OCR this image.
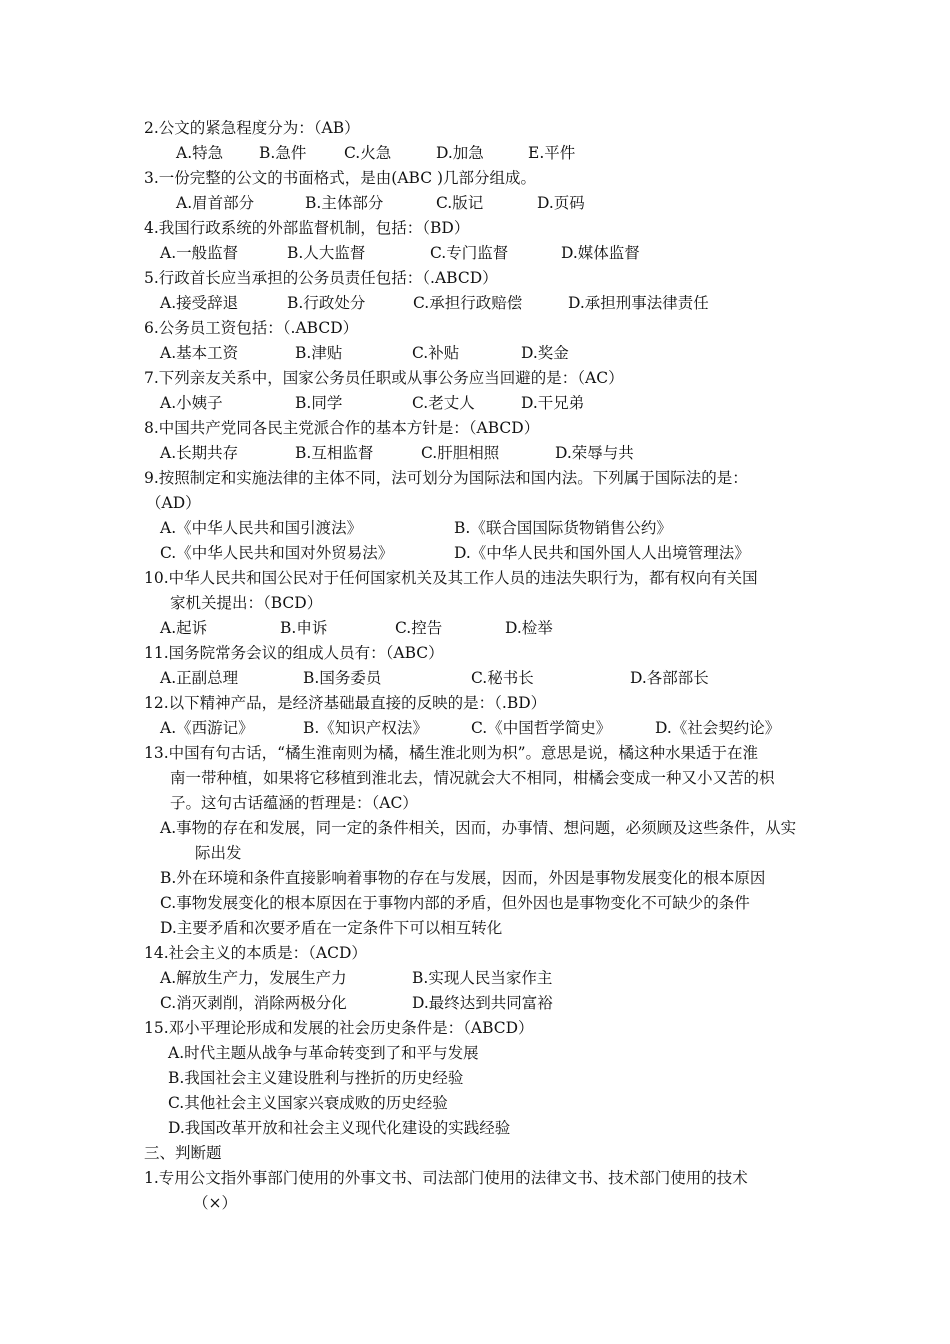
2.公文的紧急程度分为：（AB）
A.特急 B.急件 C.火急	D.加急	E.平件
3.一份完整的公文的书面格式，是由(ABC )几部分组成。
A.眉首部分	B.主体部分	C.版记	D.页码
4.我国行政系统的外部监督机制，包括：（BD）
A.一般监督	B.人大监督	C.专门监督	D.媒体监督
5.行政首长应当承担的公务员责任包括：（.ABCD）
A.接受辞退	B.行政处分	C.承担行政赔偿	D.承担刑事法律责任
6.公务员工资包括：（.ABCD）
A.基本工资	B.津贴	C.补贴	D.奖金
7.下列亲友关系中，国家公务员任职或从事公务应当回避的是：（AC）
A.小姨子	B.同学	C.老丈人	D.干兄弟
8.中国共产党同各民主党派合作的基本方针是：（ABCD）
A.长期共存	B.互相监督	C.肝胆相照	D.荣辱与共
9.按照制定和实施法律的主体不同，法可划分为国际法和国内法。下列属于国际法的是：
（AD）
A.《中华人民共和国引渡法》	B.《联合国国际货物销售公约》
C.《中华人民共和国对外贸易法》	D.《中华人民共和国外国人人出境管理法》
10.中华人民共和国公民对于任何国家机关及其工作人员的违法失职行为，都有权向有关国
家机关提出：（BCD）
A.起诉	B.申诉	C.控告	D.检举
11.国务院常务会议的组成人员有：（ABC）
A.正副总理	B.国务委员	C.秘书长	D.各部部长
12.以下精神产品，是经济基础最直接的反映的是：（.BD）
A.《西游记》	B.《知识产权法》	C.《中国哲学简史》	D.《社会契约论》
13.中国有句古话，“橘生淮南则为橘，橘生淮北则为枳”。意思是说，橘这种水果适于在淮
南一带种植，如果将它移植到淮北去，情况就会大不相同，柑橘会变成一种又小又苦的枳
子。这句古话蕴涵的哲理是：（AC）
A.事物的存在和发展，同一定的条件相关，因而，办事情、想问题，必须顾及这些条件，从实
际出发
B.外在环境和条件直接影响着事物的存在与发展，因而，外因是事物发展变化的根本原因
C.事物发展变化的根本原因在于事物内部的矛盾，但外因也是事物变化不可缺少的条件
D.主要矛盾和次要矛盾在一定条件下可以相互转化
14.社会主义的本质是：（ACD）
A.解放生产力，发展生产力	B.实现人民当家作主
C.消灭剥削，消除两极分化	D.最终达到共同富裕
15.邓小平理论形成和发展的社会历史条件是：（ABCD）
A.时代主题从战争与革命转变到了和平与发展
B.我国社会主义建设胜利与挫折的历史经验
C.其他社会主义国家兴衰成败的历史经验
D.我国改革开放和社会主义现代化建设的实践经验
三、判断题
1.专用公文指外事部门使用的外事文书、司法部门使用的法律文书、技术部门使用的技术
（×）
